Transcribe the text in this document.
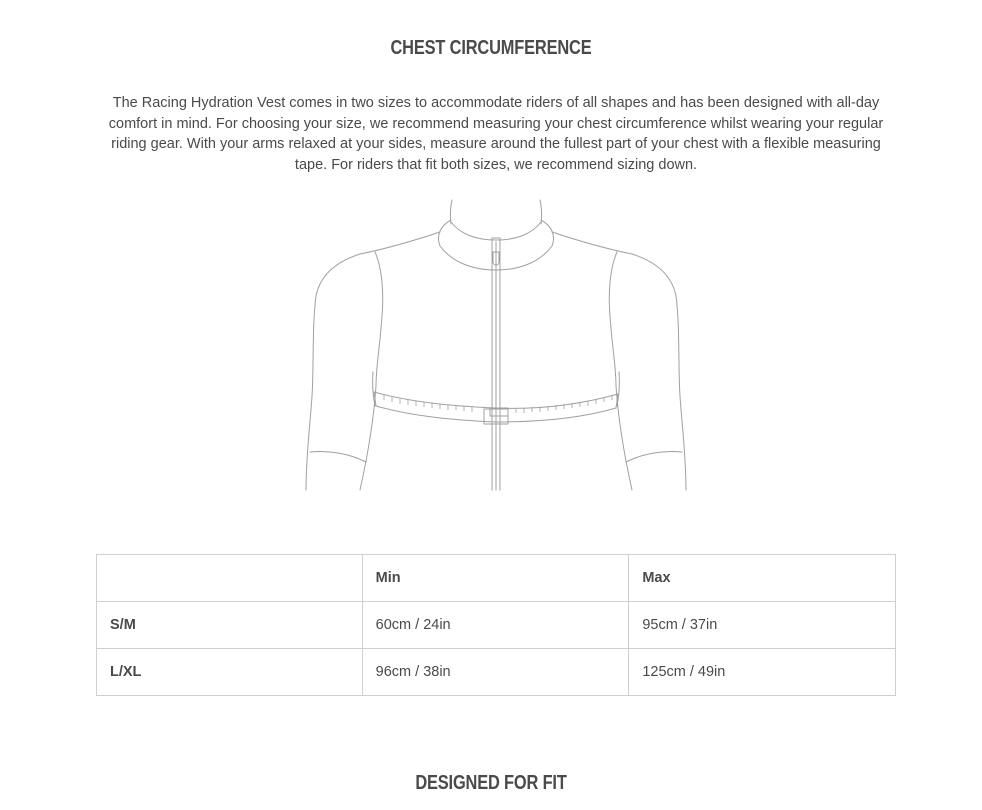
CHEST CIRCUMFERENCE

The Racing Hydration Vest comes in two sizes to accommodate riders of all shapes and has been designed with all-day comfort in mind. For choosing your size, we recommend measuring your chest circumference whilst wearing your regular riding gear. With your arms relaxed at your sides, measure around the fullest part of your chest with a flexible measuring tape. For riders that fit both sizes, we recommend sizing down.

	Min	Max
S/M	60cm / 24in	95cm / 37in
L/XL	96cm / 38in	125cm / 49in
DESIGNED FOR FIT
